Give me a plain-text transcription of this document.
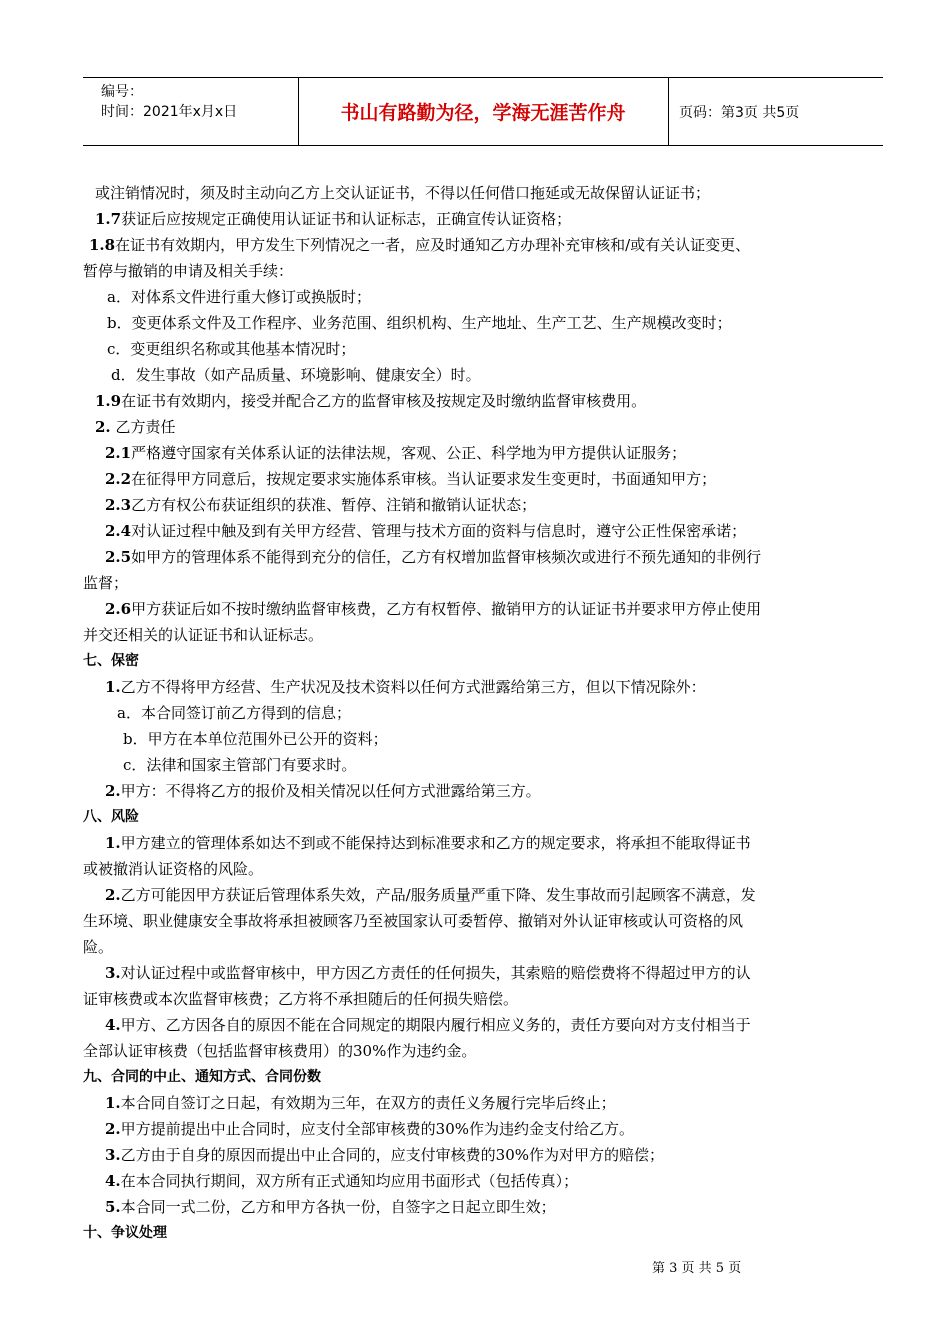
编号：
时间：2021年x月x日	书山有路勤为径，学海无涯苦作舟	页码：第3页 共5页

或注销情况时，须及时主动向乙方上交认证证书，不得以任何借口拖延或无故保留认证证书；

1.7获证后应按规定正确使用认证证书和认证标志，正确宣传认证资格；

1.8在证书有效期内，甲方发生下列情况之一者，应及时通知乙方办理补充审核和/或有关认证变更、

暂停与撤销的申请及相关手续：

a．对体系文件进行重大修订或换版时；

b．变更体系文件及工作程序、业务范围、组织机构、生产地址、生产工艺、生产规模改变时；

c．变更组织名称或其他基本情况时；

d．发生事故（如产品质量、环境影响、健康安全）时。

1.9在证书有效期内，接受并配合乙方的监督审核及按规定及时缴纳监督审核费用。

2. 乙方责任

2.1严格遵守国家有关体系认证的法律法规，客观、公正、科学地为甲方提供认证服务；

2.2在征得甲方同意后，按规定要求实施体系审核。当认证要求发生变更时，书面通知甲方；

2.3乙方有权公布获证组织的获准、暂停、注销和撤销认证状态；

2.4对认证过程中触及到有关甲方经营、管理与技术方面的资料与信息时，遵守公正性保密承诺；

2.5如甲方的管理体系不能得到充分的信任，乙方有权增加监督审核频次或进行不预先通知的非例行

监督；

2.6甲方获证后如不按时缴纳监督审核费，乙方有权暂停、撤销甲方的认证证书并要求甲方停止使用

并交还相关的认证证书和认证标志。

七、保密

1.乙方不得将甲方经营、生产状况及技术资料以任何方式泄露给第三方，但以下情况除外：

a．本合同签订前乙方得到的信息；

b．甲方在本单位范围外已公开的资料；

c．法律和国家主管部门有要求时。

2.甲方：不得将乙方的报价及相关情况以任何方式泄露给第三方。

八、风险

1.甲方建立的管理体系如达不到或不能保持达到标准要求和乙方的规定要求，将承担不能取得证书

或被撤消认证资格的风险。

2.乙方可能因甲方获证后管理体系失效，产品/服务质量严重下降、发生事故而引起顾客不满意，发

生环境、职业健康安全事故将承担被顾客乃至被国家认可委暂停、撤销对外认证审核或认可资格的风

险。

3.对认证过程中或监督审核中，甲方因乙方责任的任何损失，其索赔的赔偿费将不得超过甲方的认

证审核费或本次监督审核费；乙方将不承担随后的任何损失赔偿。

4.甲方、乙方因各自的原因不能在合同规定的期限内履行相应义务的，责任方要向对方支付相当于

全部认证审核费（包括监督审核费用）的30%作为违约金。

九、合同的中止、通知方式、合同份数

1.本合同自签订之日起，有效期为三年，在双方的责任义务履行完毕后终止；

2.甲方提前提出中止合同时，应支付全部审核费的30%作为违约金支付给乙方。

3.乙方由于自身的原因而提出中止合同的，应支付审核费的30%作为对甲方的赔偿；

4.在本合同执行期间，双方所有正式通知均应用书面形式（包括传真）；

5.本合同一式二份，乙方和甲方各执一份，自签字之日起立即生效；

十、争议处理

第 3 页 共 5 页
